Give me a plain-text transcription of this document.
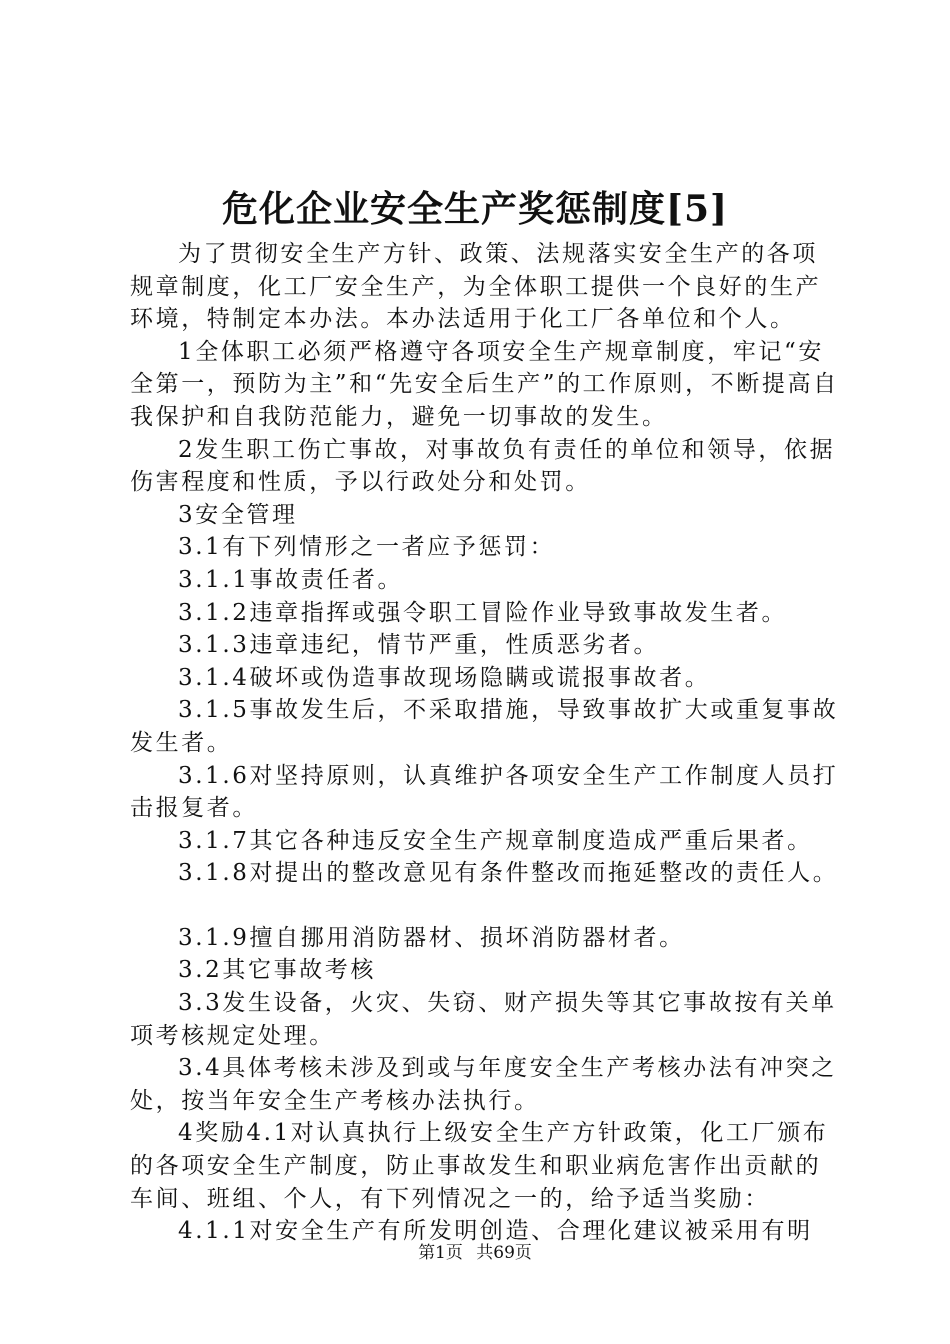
危化企业安全生产奖惩制度[5]

为了贯彻安全生产方针、政策、法规落实安全生产的各项规章制度，化工厂安全生产，为全体职工提供一个良好的生产环境，特制定本办法。本办法适用于化工厂各单位和个人。

1全体职工必须严格遵守各项安全生产规章制度，牢记“安全第一，预防为主”和“先安全后生产”的工作原则，不断提高自我保护和自我防范能力，避免一切事故的发生。

2发生职工伤亡事故，对事故负有责任的单位和领导，依据伤害程度和性质，予以行政处分和处罚。

3安全管理

3.1有下列情形之一者应予惩罚：

3.1.1事故责任者。

3.1.2违章指挥或强令职工冒险作业导致事故发生者。

3.1.3违章违纪，情节严重，性质恶劣者。

3.1.4破坏或伪造事故现场隐瞒或谎报事故者。

3.1.5事故发生后，不采取措施，导致事故扩大或重复事故发生者。

3.1.6对坚持原则，认真维护各项安全生产工作制度人员打击报复者。

3.1.7其它各种违反安全生产规章制度造成严重后果者。

3.1.8对提出的整改意见有条件整改而拖延整改的责任人。

3.1.9擅自挪用消防器材、损坏消防器材者。

3.2其它事故考核

3.3发生设备，火灾、失窃、财产损失等其它事故按有关单项考核规定处理。

3.4具体考核未涉及到或与年度安全生产考核办法有冲突之处，按当年安全生产考核办法执行。

4奖励4.1对认真执行上级安全生产方针政策，化工厂颁布的各项安全生产制度，防止事故发生和职业病危害作出贡献的车间、班组、个人，有下列情况之一的，给予适当奖励：

4.1.1对安全生产有所发明创造、合理化建议被采用有明

第1页 共69页
